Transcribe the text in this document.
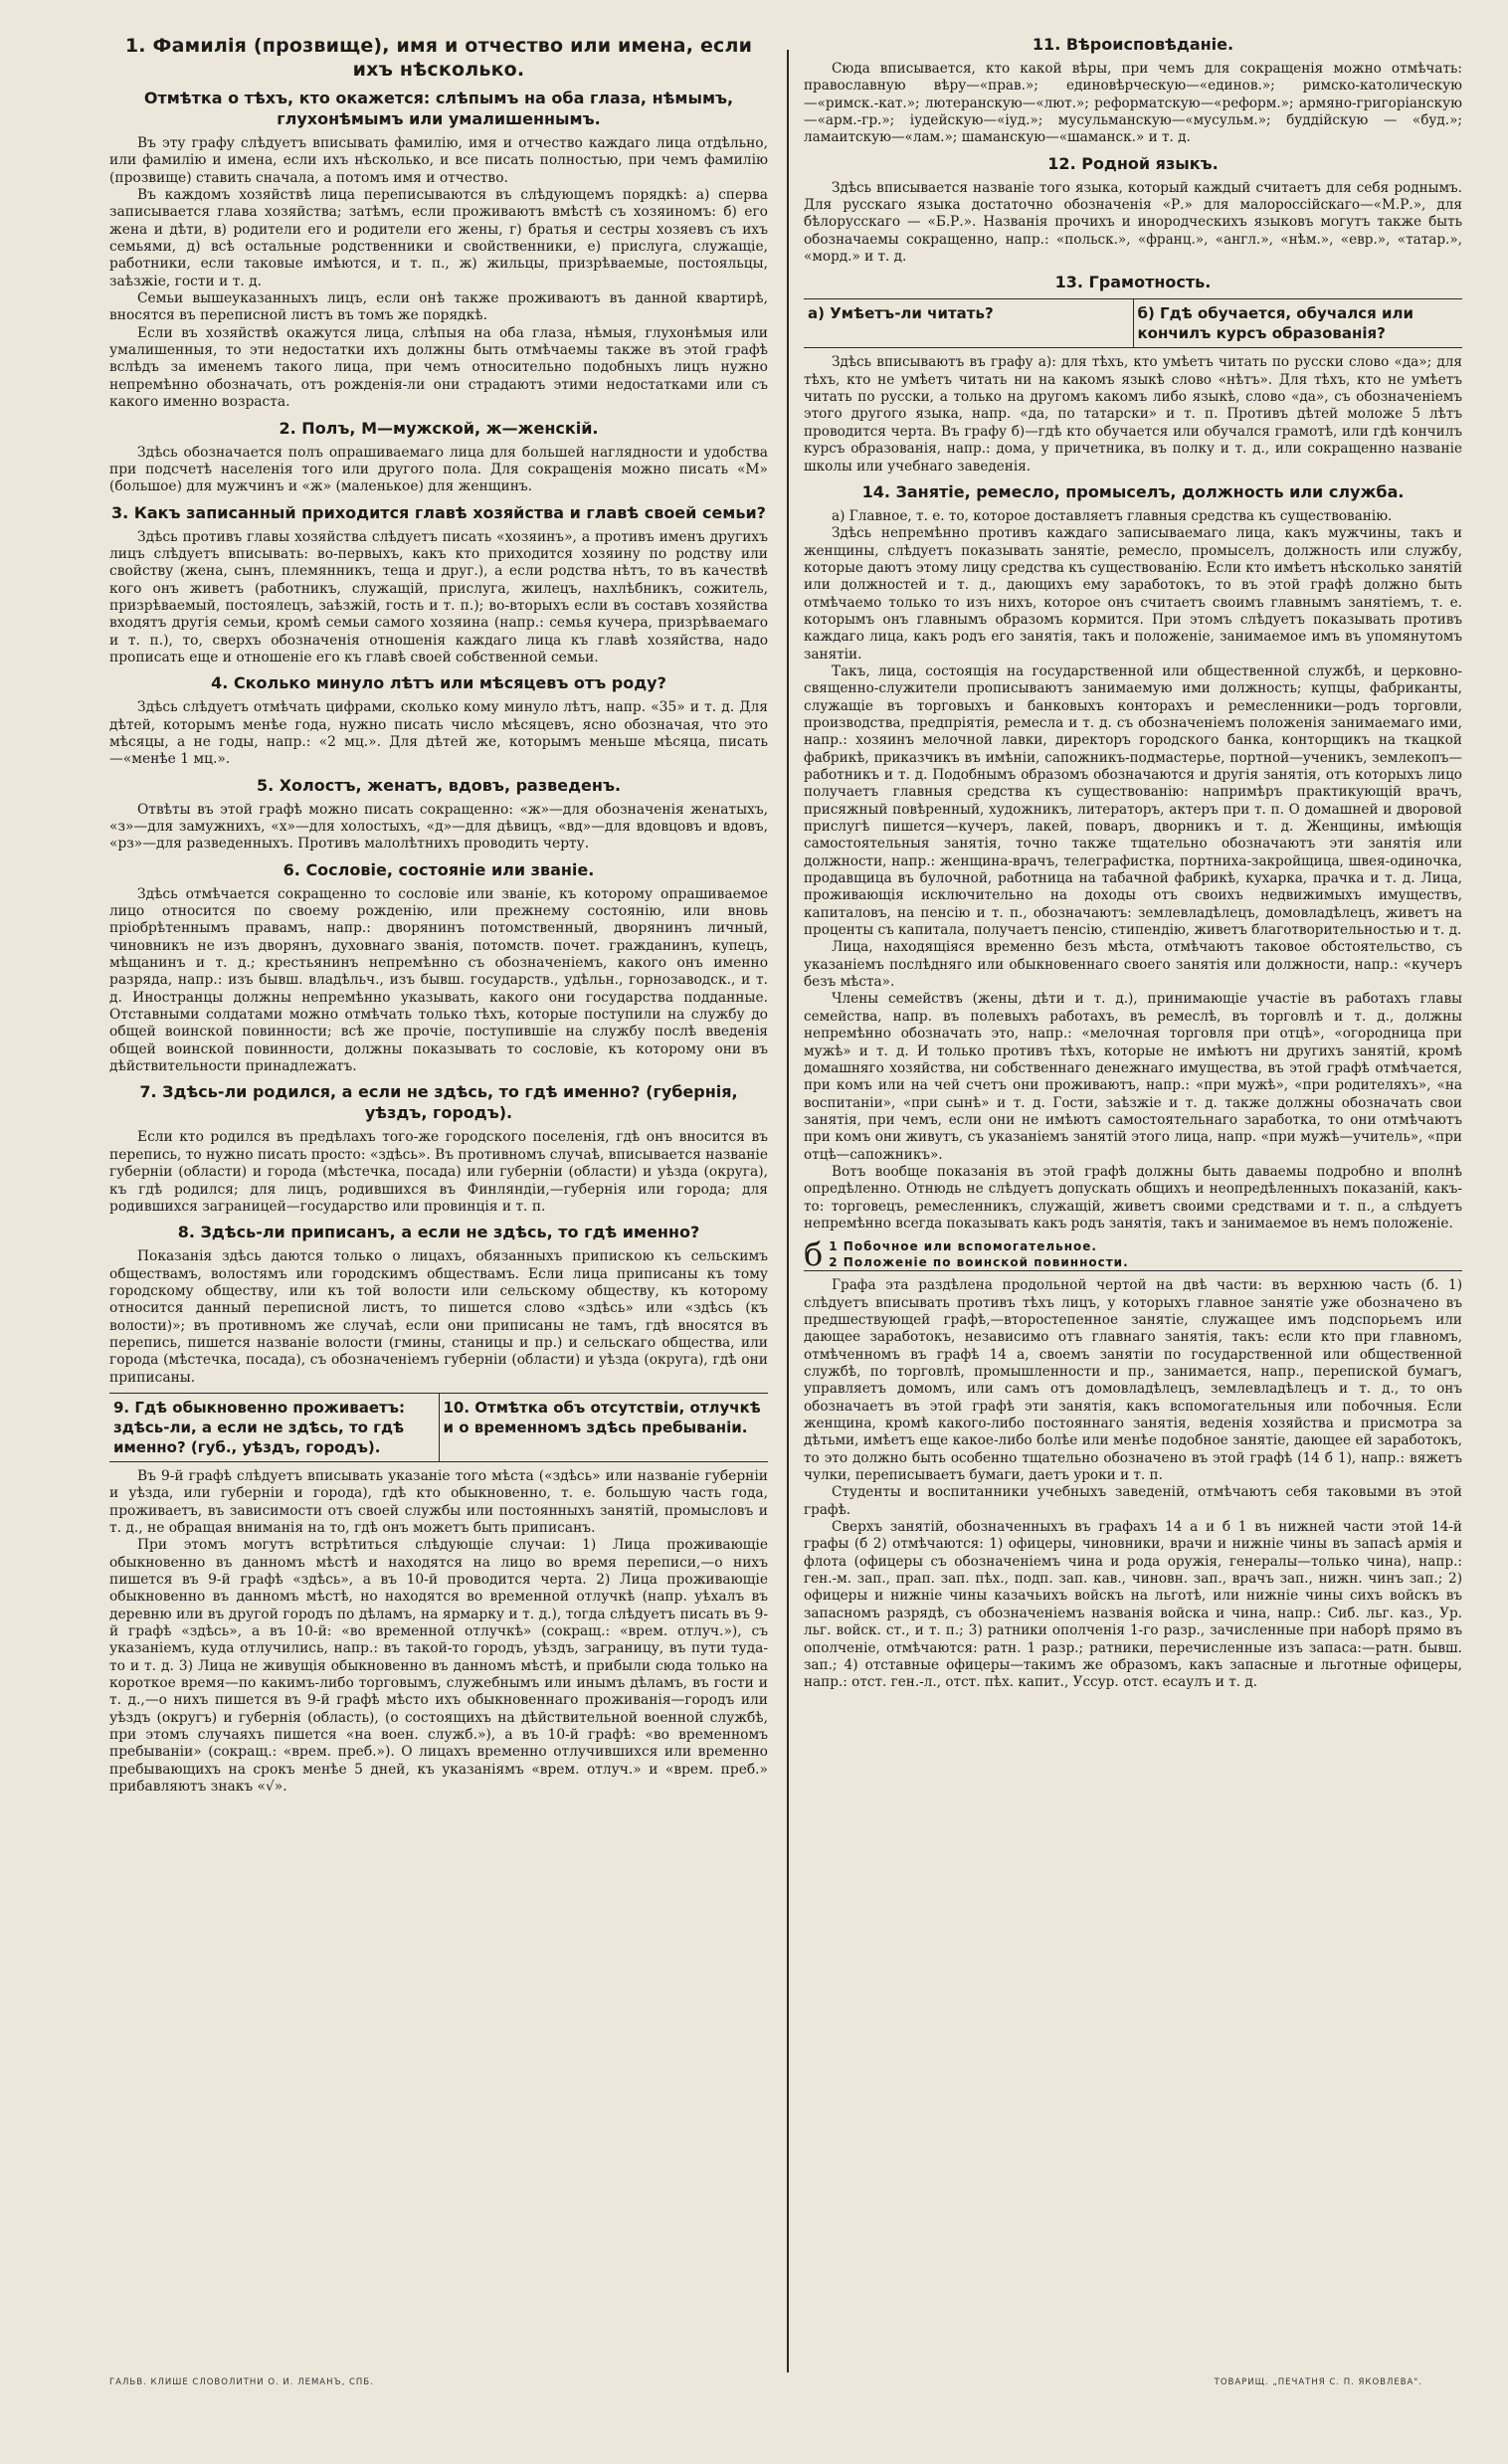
1. Фамилія (прозвище), имя и отчество или имена, если ихъ нѣсколько.
Отмѣтка о тѣхъ, кто окажется: слѣпымъ на оба глаза, нѣмымъ, глухонѣмымъ или умалишеннымъ.

Въ эту графу слѣдуетъ вписывать фамилію, имя и отчество каждаго лица отдѣльно, или фамилію и имена, если ихъ нѣсколько, и все писать полностью, при чемъ фамилію (прозвище) ставить сначала, а потомъ имя и отчество.

Въ каждомъ хозяйствѣ лица переписываются въ слѣдующемъ порядкѣ: а) сперва записывается глава хозяйства; затѣмъ, если проживаютъ вмѣстѣ съ хозяиномъ: б) его жена и дѣти, в) родители его и родители его жены, г) братья и сестры хозяевъ съ ихъ семьями, д) всѣ остальные родственники и свойственники, е) прислуга, служащіе, работники, если таковые имѣются, и т. п., ж) жильцы, призрѣваемые, постояльцы, заѣзжіе, гости и т. д.

Семьи вышеуказанныхъ лицъ, если онѣ также проживаютъ въ данной квартирѣ, вносятся въ переписной листъ въ томъ же порядкѣ.

Если въ хозяйствѣ окажутся лица, слѣпыя на оба глаза, нѣмыя, глухонѣмыя или умалишенныя, то эти недостатки ихъ должны быть отмѣчаемы также въ этой графѣ вслѣдъ за именемъ такого лица, при чемъ относительно подобныхъ лицъ нужно непремѣнно обозначать, отъ рожденія-ли они страдаютъ этими недостатками или съ какого именно возраста.

2. Полъ, М—мужской, ж—женскій.

Здѣсь обозначается полъ опрашиваемаго лица для большей наглядности и удобства при подсчетѣ населенія того или другого пола. Для сокращенія можно писать «М» (большое) для мужчинъ и «ж» (маленькое) для женщинъ.

3. Какъ записанный приходится главѣ хозяйства и главѣ своей семьи?

Здѣсь противъ главы хозяйства слѣдуетъ писать «хозяинъ», а противъ именъ другихъ лицъ слѣдуетъ вписывать: во-первыхъ, какъ кто приходится хозяину по родству или свойству (жена, сынъ, племянникъ, теща и друг.), а если родства нѣтъ, то въ качествѣ кого онъ живетъ (работникъ, служащій, прислуга, жилецъ, нахлѣбникъ, сожитель, призрѣваемый, постоялецъ, заѣзжій, гость и т. п.); во-вторыхъ если въ составъ хозяйства входятъ другія семьи, кромѣ семьи самого хозяина (напр.: семья кучера, призрѣваемаго и т. п.), то, сверхъ обозначенія отношенія каждаго лица къ главѣ хозяйства, надо прописать еще и отношеніе его къ главѣ своей собственной семьи.

4. Сколько минуло лѣтъ или мѣсяцевъ отъ роду?

Здѣсь слѣдуетъ отмѣчать цифрами, сколько кому минуло лѣтъ, напр. «35» и т. д. Для дѣтей, которымъ менѣе года, нужно писать число мѣсяцевъ, ясно обозначая, что это мѣсяцы, а не годы, напр.: «2 мц.». Для дѣтей же, которымъ меньше мѣсяца, писать—«менѣе 1 мц.».

5. Холостъ, женатъ, вдовъ, разведенъ.

Отвѣты въ этой графѣ можно писать сокращенно: «ж»—для обозначенія женатыхъ, «з»—для замужнихъ, «х»—для холостыхъ, «д»—для дѣвицъ, «вд»—для вдовцовъ и вдовъ, «рз»—для разведенныхъ. Противъ малолѣтнихъ проводить черту.

6. Сословіе, состояніе или званіе.

Здѣсь отмѣчается сокращенно то сословіе или званіе, къ которому опрашиваемое лицо относится по своему рожденію, или прежнему состоянію, или вновь пріобрѣтеннымъ правамъ, напр.: дворянинъ потомственный, дворянинъ личный, чиновникъ не изъ дворянъ, духовнаго званія, потомств. почет. гражданинъ, купецъ, мѣщанинъ и т. д.; крестьянинъ непремѣнно съ обозначеніемъ, какого онъ именно разряда, напр.: изъ бывш. владѣльч., изъ бывш. государств., удѣльн., горнозаводск., и т. д. Иностранцы должны непремѣнно указывать, какого они государства подданные. Отставными солдатами можно отмѣчать только тѣхъ, которые поступили на службу до общей воинской повинности; всѣ же прочіе, поступившіе на службу послѣ введенія общей воинской повинности, должны показывать то сословіе, къ которому они въ дѣйствительности принадлежатъ.

7. Здѣсь-ли родился, а если не здѣсь, то гдѣ именно? (губернія, уѣздъ, городъ).

Если кто родился въ предѣлахъ того-же городского поселенія, гдѣ онъ вносится въ перепись, то нужно писать просто: «здѣсь». Въ противномъ случаѣ, вписывается названіе губерніи (области) и города (мѣстечка, посада) или губерніи (области) и уѣзда (округа), къ гдѣ родился; для лицъ, родившихся въ Финляндіи,—губернія или города; для родившихся заграницей—государство или провинція и т. п.

8. Здѣсь-ли приписанъ, а если не здѣсь, то гдѣ именно?

Показанія здѣсь даются только о лицахъ, обязанныхъ припискою къ сельскимъ обществамъ, волостямъ или городскимъ обществамъ. Если лица приписаны къ тому городскому обществу, или къ той волости или сельскому обществу, къ которому относится данный переписной листъ, то пишется слово «здѣсь» или «здѣсь (къ волости)»; въ противномъ же случаѣ, если они приписаны не тамъ, гдѣ вносятся въ перепись, пишется названіе волости (гмины, станицы и пр.) и сельскаго общества, или города (мѣстечка, посада), съ обозначеніемъ губерніи (области) и уѣзда (округа), гдѣ они приписаны.

9. Гдѣ обыкновенно проживаетъ: здѣсь-ли, а если не здѣсь, то гдѣ именно? (губ., уѣздъ, городъ).
10. Отмѣтка объ отсутствіи, отлучкѣ и о временномъ здѣсь пребываніи.

Въ 9-й графѣ слѣдуетъ вписывать указаніе того мѣста («здѣсь» или названіе губерніи и уѣзда, или губерніи и города), гдѣ кто обыкновенно, т. е. большую часть года, проживаетъ, въ зависимости отъ своей службы или постоянныхъ занятій, промысловъ и т. д., не обращая вниманія на то, гдѣ онъ можетъ быть приписанъ.

При этомъ могутъ встрѣтиться слѣдующіе случаи: 1) Лица проживающіе обыкновенно въ данномъ мѣстѣ и находятся на лицо во время переписи,—о нихъ пишется въ 9-й графѣ «здѣсь», а въ 10-й проводится черта. 2) Лица проживающіе обыкновенно въ данномъ мѣстѣ, но находятся во временной отлучкѣ (напр. уѣхалъ въ деревню или въ другой городъ по дѣламъ, на ярмарку и т. д.), тогда слѣдуетъ писать въ 9-й графѣ «здѣсь», а въ 10-й: «во временной отлучкѣ» (сокращ.: «врем. отлуч.»), съ указаніемъ, куда отлучились, напр.: въ такой-то городъ, уѣздъ, заграницу, въ пути туда-то и т. д. 3) Лица не живущія обыкновенно въ данномъ мѣстѣ, и прибыли сюда только на короткое время—по какимъ-либо торговымъ, служебнымъ или инымъ дѣламъ, въ гости и т. д.,—о нихъ пишется въ 9-й графѣ мѣсто ихъ обыкновеннаго проживанія—городъ или уѣздъ (округъ) и губернія (область), (о состоящихъ на дѣйствительной военной службѣ, при этомъ случаяхъ пишется «на воен. служб.»), а въ 10-й графѣ: «во временномъ пребываніи» (сокращ.: «врем. преб.»). О лицахъ временно отлучившихся или временно пребывающихъ на срокъ менѣе 5 дней, къ указаніямъ «врем. отлуч.» и «врем. преб.» прибавляютъ знакъ «√».

11. Вѣроисповѣданіе.

Сюда вписывается, кто какой вѣры, при чемъ для сокращенія можно отмѣчать: православную вѣру—«прав.»; единовѣрческую—«единов.»; римско-католическую—«римск.-кат.»; лютеранскую—«лют.»; реформатскую—«реформ.»; армяно-григоріанскую—«арм.-гр.»; іудейскую—«іуд.»; мусульманскую—«мусульм.»; буддійскую — «буд.»; ламаитскую—«лам.»; шаманскую—«шаманск.» и т. д.

12. Родной языкъ.

Здѣсь вписывается названіе того языка, который каждый считаетъ для себя роднымъ. Для русскаго языка достаточно обозначенія «Р.» для малороссійскаго—«М.Р.», для бѣлорусскаго — «Б.Р.». Названія прочихъ и инородческихъ языковъ могутъ также быть обозначаемы сокращенно, напр.: «польск.», «франц.», «англ.», «нѣм.», «евр.», «татар.», «морд.» и т. д.

13. Грамотность.
а) Умѣетъ-ли читать?	б) Гдѣ обучается, обучался или кончилъ курсъ образованія?

Здѣсь вписываютъ въ графу а): для тѣхъ, кто умѣетъ читать по русски слово «да»; для тѣхъ, кто не умѣетъ читать ни на какомъ языкѣ слово «нѣтъ». Для тѣхъ, кто не умѣетъ читать по русски, а только на другомъ какомъ либо языкѣ, слово «да», съ обозначеніемъ этого другого языка, напр. «да, по татарски» и т. п. Противъ дѣтей моложе 5 лѣтъ проводится черта. Въ графу б)—гдѣ кто обучается или обучался грамотѣ, или гдѣ кончилъ курсъ образованія, напр.: дома, у причетника, въ полку и т. д., или сокращенно названіе школы или учебнаго заведенія.

14. Занятіе, ремесло, промыселъ, должность или служба.

а) Главное, т. е. то, которое доставляетъ главныя средства къ существованію.

Здѣсь непремѣнно противъ каждаго записываемаго лица, какъ мужчины, такъ и женщины, слѣдуетъ показывать занятіе, ремесло, промыселъ, должность или службу, которые даютъ этому лицу средства къ существованію. Если кто имѣетъ нѣсколько занятій или должностей и т. д., дающихъ ему заработокъ, то въ этой графѣ должно быть отмѣчаемо только то изъ нихъ, которое онъ считаетъ своимъ главнымъ занятіемъ, т. е. которымъ онъ главнымъ образомъ кормится. При этомъ слѣдуетъ показывать противъ каждаго лица, какъ родъ его занятія, такъ и положеніе, занимаемое имъ въ упомянутомъ занятіи.

Такъ, лица, состоящія на государственной или общественной службѣ, и церковно-священно-служители прописываютъ занимаемую ими должность; купцы, фабриканты, служащіе въ торговыхъ и банковыхъ конторахъ и ремесленники—родъ торговли, производства, предпріятія, ремесла и т. д. съ обозначеніемъ положенія занимаемаго ими, напр.: хозяинъ мелочной лавки, директоръ городского банка, конторщикъ на ткацкой фабрикѣ, приказчикъ въ имѣніи, сапожникъ-подмастерье, портной—ученикъ, землекопъ—работникъ и т. д. Подобнымъ образомъ обозначаются и другія занятія, отъ которыхъ лицо получаетъ главныя средства къ существованію: напримѣръ практикующій врачъ, присяжный повѣренный, художникъ, литераторъ, актеръ при т. п. О домашней и дворовой прислугѣ пишется—кучеръ, лакей, поваръ, дворникъ и т. д. Женщины, имѣющія самостоятельныя занятія, точно также тщательно обозначаютъ эти занятія или должности, напр.: женщина-врачъ, телеграфистка, портниха-закройщица, швея-одиночка, продавщица въ булочной, работница на табачной фабрикѣ, кухарка, прачка и т. д. Лица, проживающія исключительно на доходы отъ своихъ недвижимыхъ имуществъ, капиталовъ, на пенсію и т. п., обозначаютъ: землевладѣлецъ, домовладѣлецъ, живетъ на проценты съ капитала, получаетъ пенсію, стипендію, живетъ благотворительностью и т. д.

Лица, находящіяся временно безъ мѣста, отмѣчаютъ таковое обстоятельство, съ указаніемъ послѣдняго или обыкновеннаго своего занятія или должности, напр.: «кучеръ безъ мѣста».

Члены семействъ (жены, дѣти и т. д.), принимающіе участіе въ работахъ главы семейства, напр. въ полевыхъ работахъ, въ ремеслѣ, въ торговлѣ и т. д., должны непремѣнно обозначать это, напр.: «мелочная торговля при отцѣ», «огородница при мужѣ» и т. д. И только противъ тѣхъ, которые не имѣютъ ни другихъ занятій, кромѣ домашняго хозяйства, ни собственнаго денежнаго имущества, въ этой графѣ отмѣчается, при комъ или на чей счетъ они проживаютъ, напр.: «при мужѣ», «при родителяхъ», «на воспитаніи», «при сынѣ» и т. д. Гости, заѣзжіе и т. д. также должны обозначать свои занятія, при чемъ, если они не имѣютъ самостоятельнаго заработка, то они отмѣчаютъ при комъ они живутъ, съ указаніемъ занятій этого лица, напр. «при мужѣ—учитель», «при отцѣ—сапожникъ».

Вотъ вообще показанія въ этой графѣ должны быть даваемы подробно и вполнѣ опредѣленно. Отнюдь не слѣдуетъ допускать общихъ и неопредѣленныхъ показаній, какъ-то: торговецъ, ремесленникъ, служащій, живетъ своими средствами и т. п., а слѣдуетъ непремѣнно всегда показывать какъ родъ занятія, такъ и занимаемое въ немъ положеніе.

б 1 Побочное или вспомогательное.
2 Положеніе по воинской повинности.

Графа эта раздѣлена продольной чертой на двѣ части: въ верхнюю часть (б. 1) слѣдуетъ вписывать противъ тѣхъ лицъ, у которыхъ главное занятіе уже обозначено въ предшествующей графѣ,—второстепенное занятіе, служащее имъ подспорьемъ или дающее заработокъ, независимо отъ главнаго занятія, такъ: если кто при главномъ, отмѣченномъ въ графѣ 14 а, своемъ занятіи по государственной или общественной службѣ, по торговлѣ, промышленности и пр., занимается, напр., перепиской бумагъ, управляетъ домомъ, или самъ отъ домовладѣлецъ, землевладѣлецъ и т. д., то онъ обозначаетъ въ этой графѣ эти занятія, какъ вспомогательныя или побочныя. Если женщина, кромѣ какого-либо постояннаго занятія, веденія хозяйства и присмотра за дѣтьми, имѣетъ еще какое-либо болѣе или менѣе подобное занятіе, дающее ей заработокъ, то это должно быть особенно тщательно обозначено въ этой графѣ (14 б 1), напр.: вяжетъ чулки, переписываетъ бумаги, даетъ уроки и т. п.

Студенты и воспитанники учебныхъ заведеній, отмѣчаютъ себя таковыми въ этой графѣ.

Сверхъ занятій, обозначенныхъ въ графахъ 14 а и б 1 въ нижней части этой 14-й графы (б 2) отмѣчаются: 1) офицеры, чиновники, врачи и нижніе чины въ запасѣ армія и флота (офицеры съ обозначеніемъ чина и рода оружія, генералы—только чина), напр.: ген.-м. зап., прап. зап. пѣх., подп. зап. кав., чиновн. зап., врачъ зап., нижн. чинъ зап.; 2) офицеры и нижніе чины казачьихъ войскъ на льготѣ, или нижніе чины сихъ войскъ въ запасномъ разрядѣ, съ обозначеніемъ названія войска и чина, напр.: Сиб. льг. каз., Ур. льг. войск. ст., и т. п.; 3) ратники ополченія 1-го разр., зачисленные при наборѣ прямо въ ополченіе, отмѣчаются: ратн. 1 разр.; ратники, перечисленные изъ запаса:—ратн. бывш. зап.; 4) отставные офицеры—такимъ же образомъ, какъ запасные и льготные офицеры, напр.: отст. ген.-л., отст. пѣх. капит., Уссур. отст. есаулъ и т. д.

ГАЛЬВ. КЛИШЕ СЛОВОЛИТНИ О. И. ЛЕМАНЪ, СПБ.	ТОВАРИЩ. „ПЕЧАТНЯ С. П. ЯКОВЛЕВА".
